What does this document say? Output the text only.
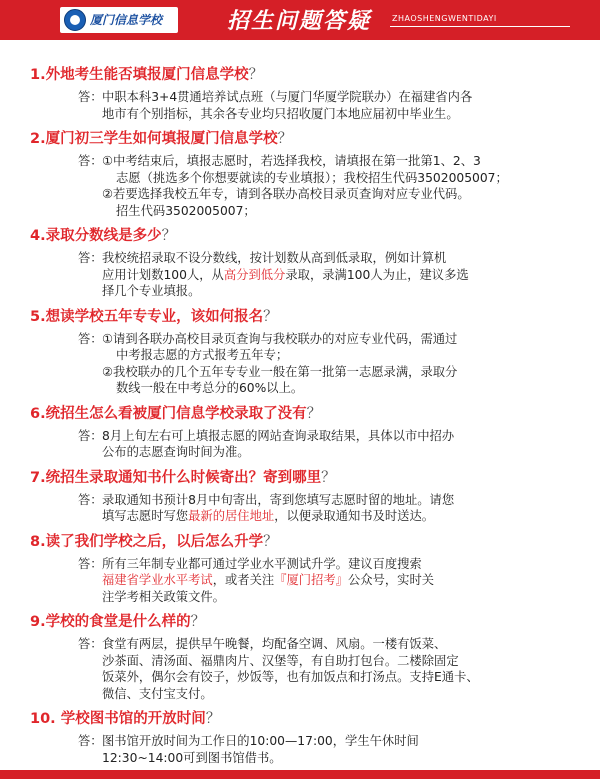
厦门信息学校	招生问题答疑	ZHAOSHENGWENTIDAYI
1.外地考生能否填报厦门信息学校？
答： 中职本科3+4贯通培养试点班（与厦门华厦学院联办）在福建省内各

地市有个别指标，其余各专业均只招收厦门本地应届初中毕业生。

2.厦门初三学生如何填报厦门信息学校？
答： ①中考结束后，填报志愿时，若选择我校，请填报在第一批第1、2、3

志愿（挑选多个你想要就读的专业填报）；我校招生代码3502005007；

②若要选择我校五年专，请到各联办高校目录页查询对应专业代码。

招生代码3502005007；

4.录取分数线是多少？
答： 我校统招录取不设分数线，按计划数从高到低录取，例如计算机

应用计划数100人，从高分到低分录取，录满100人为止，建议多选

择几个专业填报。

5.想读学校五年专专业，该如何报名？
答： ①请到各联办高校目录页查询与我校联办的对应专业代码，需通过

中考报志愿的方式报考五年专；

②我校联办的几个五年专专业一般在第一批第一志愿录满，录取分

数线一般在中考总分的60%以上。

6.统招生怎么看被厦门信息学校录取了没有？
答： 8月上旬左右可上填报志愿的网站查询录取结果，具体以市中招办

公布的志愿查询时间为准。

7.统招生录取通知书什么时候寄出？寄到哪里？
答： 录取通知书预计8月中旬寄出，寄到您填写志愿时留的地址。请您

填写志愿时写您最新的居住地址，以便录取通知书及时送达。

8.读了我们学校之后，以后怎么升学？
答： 所有三年制专业都可通过学业水平测试升学。建议百度搜索

福建省学业水平考试，或者关注『厦门招考』公众号，实时关

注学考相关政策文件。

9.学校的食堂是什么样的？
答： 食堂有两层，提供早午晚餐，均配备空调、风扇。一楼有饭菜、

沙茶面、清汤面、福鼎肉片、汉堡等，有自助打包台。二楼除固定

饭菜外，偶尔会有饺子，炒饭等，也有加饭点和打汤点。支持E通卡、

微信、支付宝支付。

10. 学校图书馆的开放时间？
答： 图书馆开放时间为工作日的10:00—17:00，学生午休时间

12:30~14:00可到图书馆借书。
